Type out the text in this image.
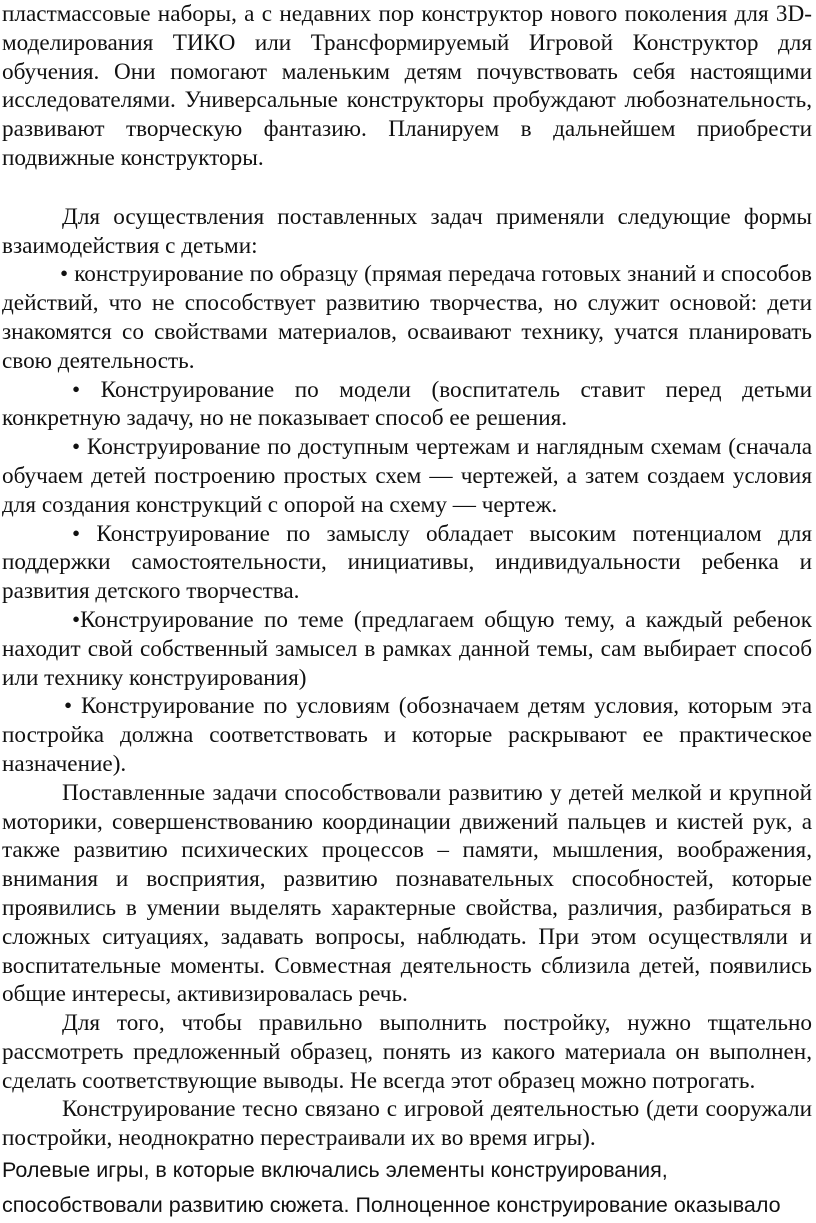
пластмассовые наборы, а с недавних пор конструктор нового поколения для 3D-моделирования ТИКО или Трансформируемый Игровой Конструктор для обучения. Они помогают маленьким детям почувствовать себя настоящими исследователями. Универсальные конструкторы пробуждают любознательность, развивают творческую фантазию. Планируем в дальнейшем приобрести подвижные конструкторы.

Для осуществления поставленных задач применяли следующие формы взаимодействия с детьми:

• конструирование по образцу (прямая передача готовых знаний и способов действий, что не способствует развитию творчества, но служит основой: дети знакомятся со свойствами материалов, осваивают технику, учатся планировать свою деятельность.

• Конструирование по модели (воспитатель ставит перед детьми конкретную задачу, но не показывает способ ее решения.

• Конструирование по доступным чертежам и наглядным схемам (сначала обучаем детей построению простых схем — чертежей, а затем создаем условия для создания конструкций с опорой на схему — чертеж.

• Конструирование по замыслу обладает высоким потенциалом для поддержки самостоятельности, инициативы, индивидуальности ребенка и развития детского творчества.

•Конструирование по теме (предлагаем общую тему, а каждый ребенок находит свой собственный замысел в рамках данной темы, сам выбирает способ или технику конструирования)

• Конструирование по условиям (обозначаем детям условия, которым эта постройка должна соответствовать и которые раскрывают ее практическое назначение).

Поставленные задачи способствовали развитию у детей мелкой и крупной моторики, совершенствованию координации движений пальцев и кистей рук, а также развитию психических процессов – памяти, мышления, воображения, внимания и восприятия, развитию познавательных способностей, которые проявились в умении выделять характерные свойства, различия, разбираться в сложных ситуациях, задавать вопросы, наблюдать. При этом осуществляли и воспитательные моменты. Совместная деятельность сблизила детей, появились общие интересы, активизировалась речь.

Для того, чтобы правильно выполнить постройку, нужно тщательно рассмотреть предложенный образец, понять из какого материала он выполнен, сделать соответствующие выводы. Не всегда этот образец можно потрогать.

Конструирование тесно связано с игровой деятельностью (дети сооружали постройки, неоднократно перестраивали их во время игры).

Ролевые игры, в которые включались элементы конструирования, способствовали развитию сюжета. Полноценное конструирование оказывало
